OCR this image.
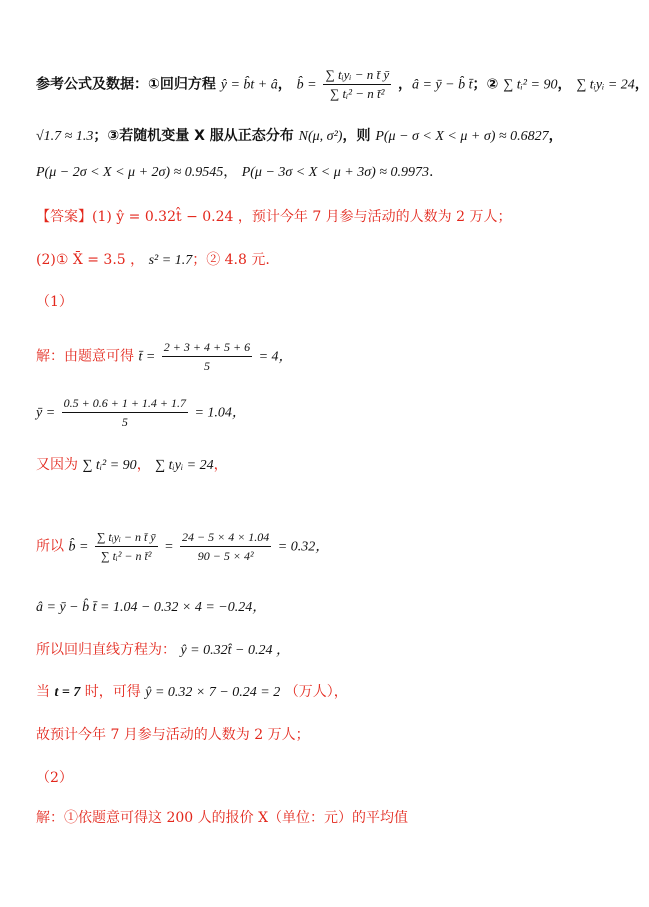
参考公式及数据：①回归方程 ŷ = b̂t + â， b̂ = $\frac{\text{∑ tᵢyᵢ − n t̄ ȳ}}{\text{∑ tᵢ² − n t̄²}}$ ，â = ȳ − b̂ t̄；② ∑ tᵢ² = 90， ∑ tᵢyᵢ = 24，
√1.7 ≈ 1.3；③若随机变量 X 服从正态分布 N(μ, σ²)，则 P(μ − σ < X < μ + σ) ≈ 0.6827，
P(μ − 2σ < X < μ + 2σ) ≈ 0.9545， P(μ − 3σ < X < μ + 3σ) ≈ 0.9973.
【答案】(1) ŷ = 0.32t̂ − 0.24 ，预计今年 7 月参与活动的人数为 2 万人；
(2)① X̄ = 3.5 ， s² = 1.7；② 4.8 元.
（1）
解：由题意可得 t̄ = $\frac{2 + 3 + 4 + 5 + 6}{5} = 4$，
ȳ = $\frac{0.5 + 0.6 + 1 + 1.4 + 1.7}{5} = 1.04$，
又因为 ∑ tᵢ² = 90， ∑ tᵢyᵢ = 24，
所以 b̂ = $\frac{\text{∑ tᵢyᵢ − n t̄ ȳ}}{\text{∑ tᵢ² − n t̄²}} = \frac{24 - 5 \times 4 \times 1.04}{\text{90 − 5 × 4²}} = 0.32$，
â = ȳ − b̂ t̄ = 1.04 − 0.32 × 4 = −0.24，
所以回归直线方程为： ŷ = 0.32t̂ − 0.24 ，
当 t = 7 时，可得 ŷ = 0.32 × 7 − 0.24 = 2 （万人），
故预计今年 7 月参与活动的人数为 2 万人；
（2）
解：①依题意可得这 200 人的报价 X（单位：元）的平均值
